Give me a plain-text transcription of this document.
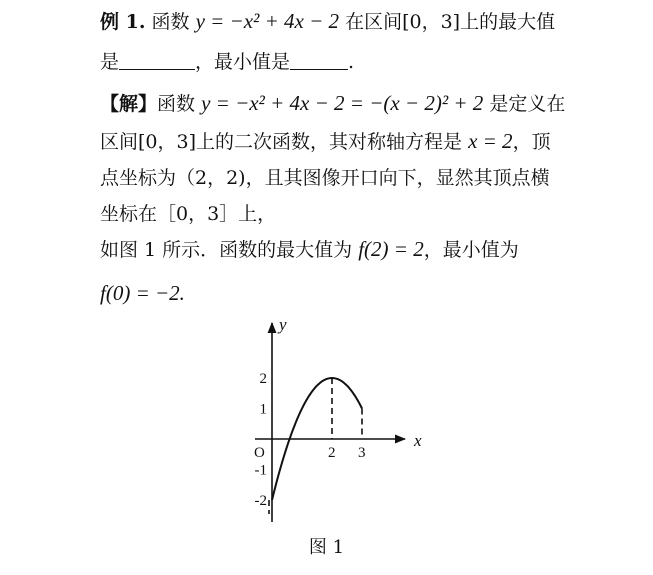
例 1. 函数 y = −x² + 4x − 2 在区间[0，3]上的最大值
是	，最小值是	.
【解】函数 y = −x² + 4x − 2 = −(x − 2)² + 2 是定义在
区间[0，3]上的二次函数，其对称轴方程是 x = 2，顶
点坐标为（2，2)，且其图像开口向下，显然其顶点横
坐标在［0，3］上，
如图 1 所示．函数的最大值为 f(2) = 2，最小值为
f(0) = −2.
x
y
O	2 3
2
1
-1
-2
图 1
